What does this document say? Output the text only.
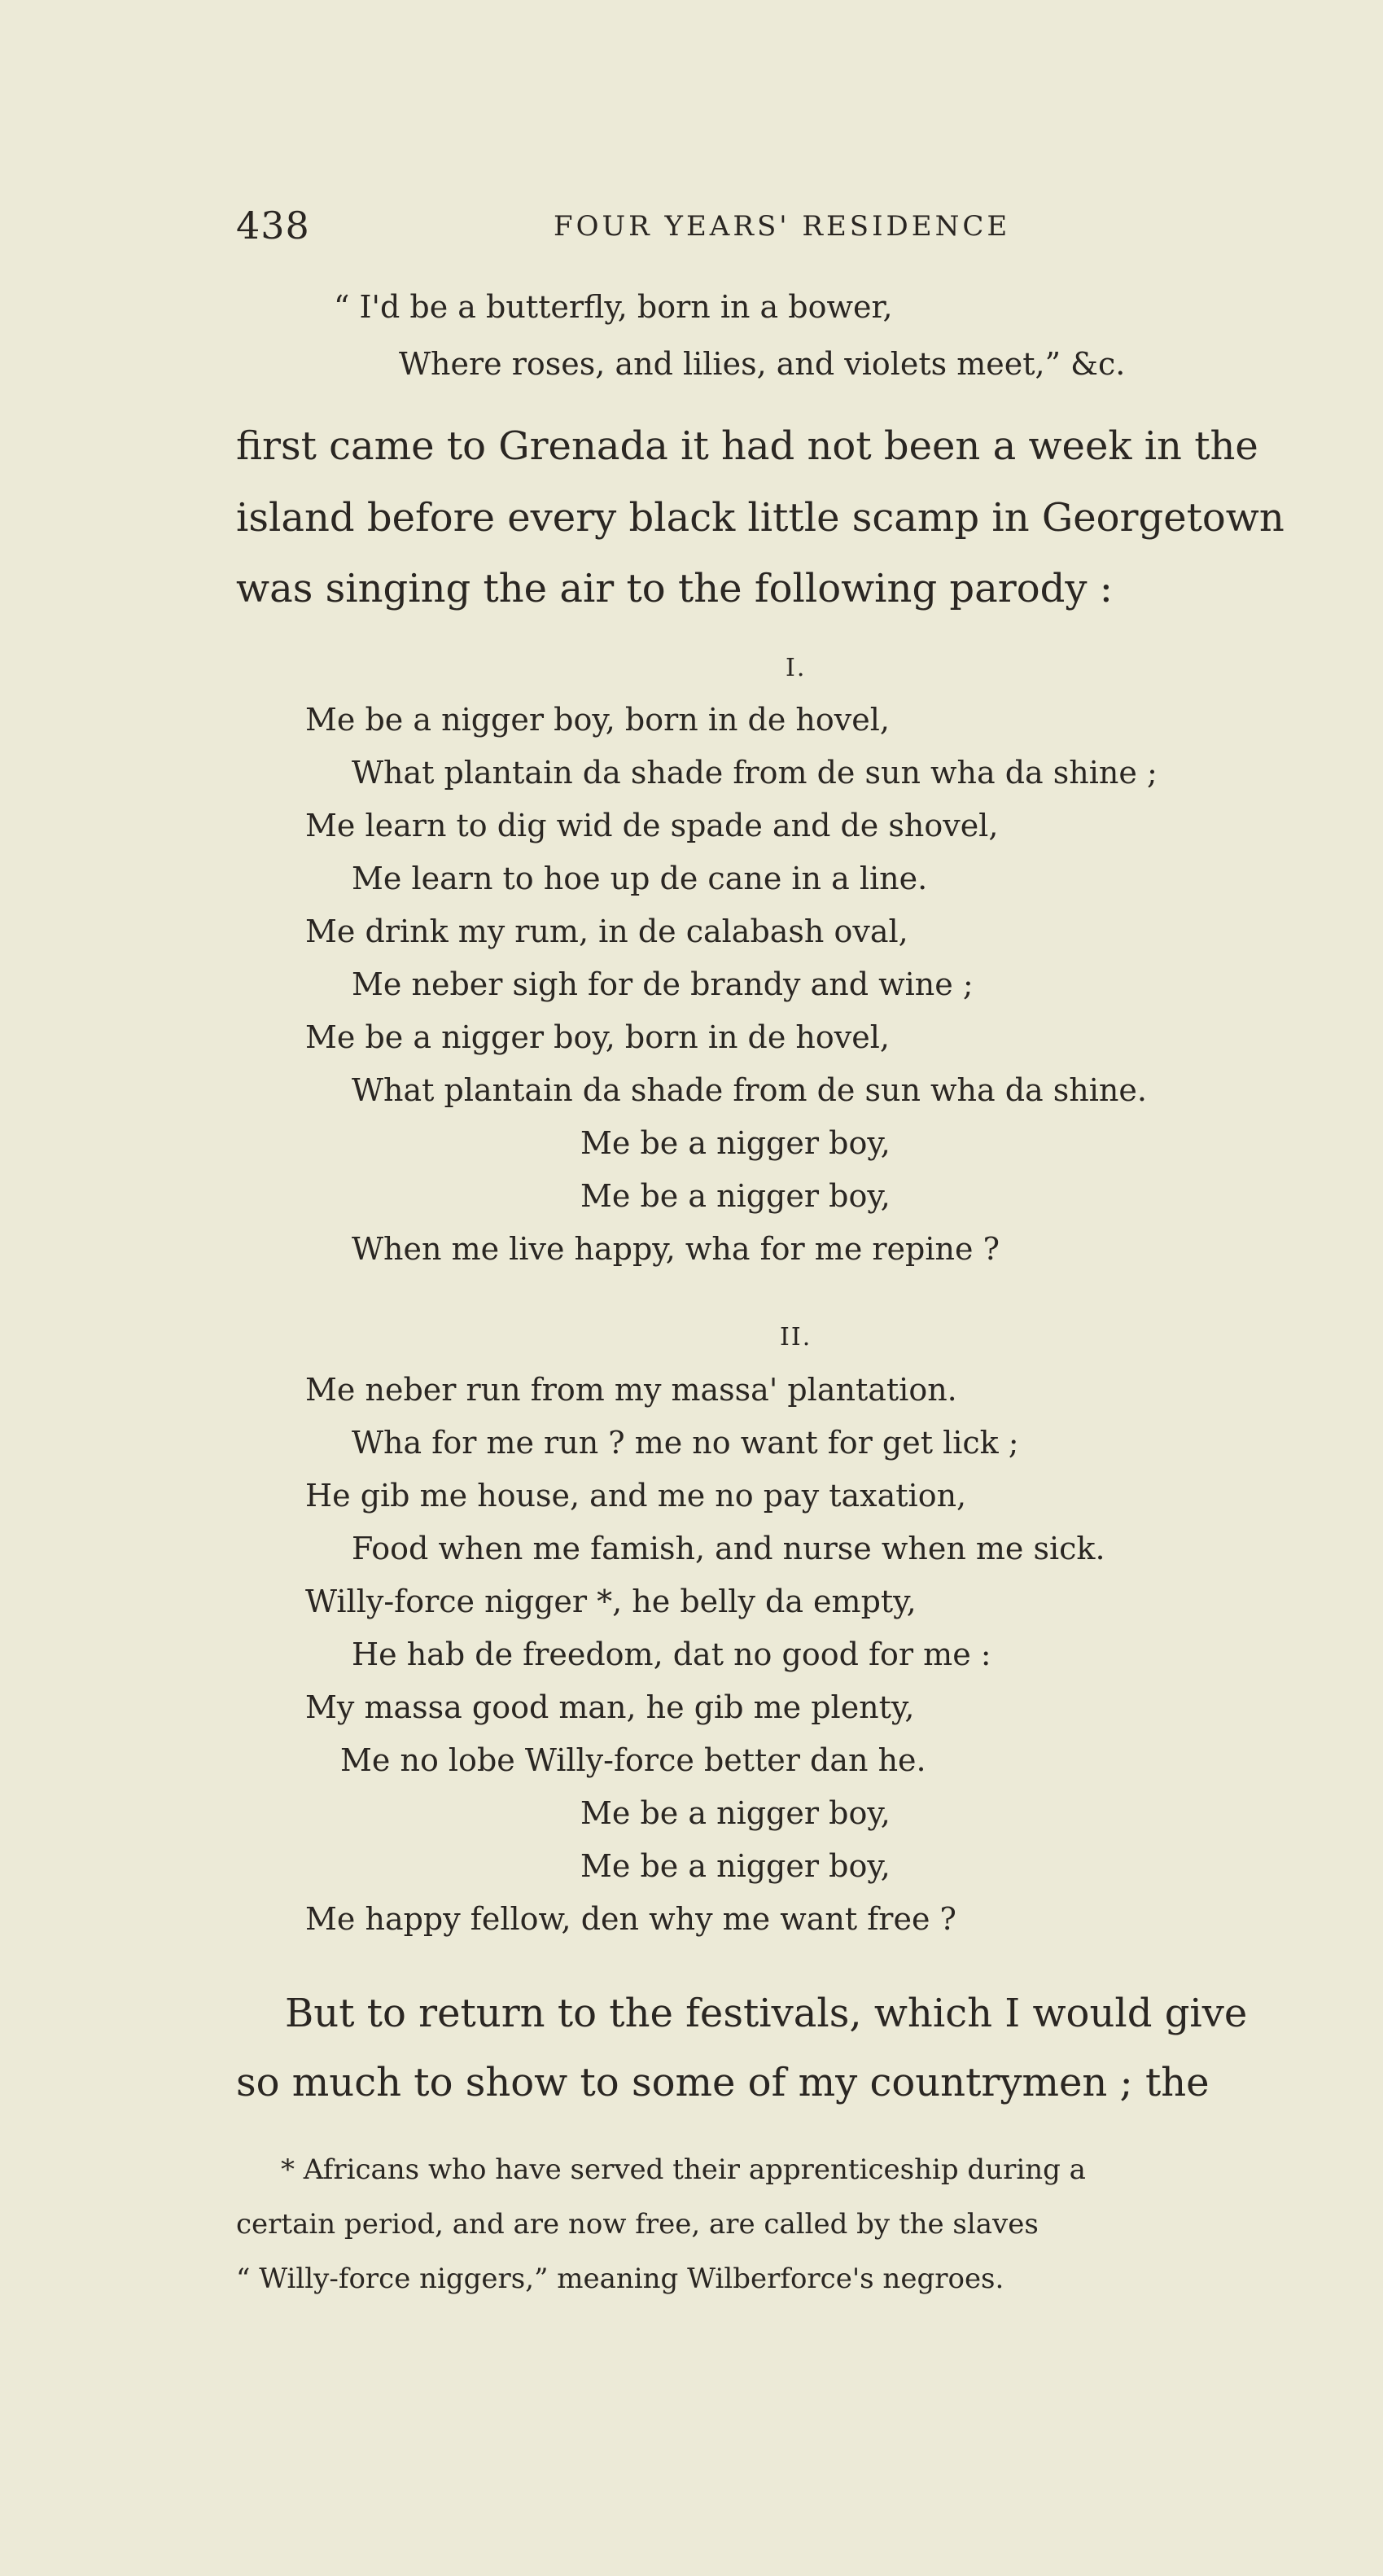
438	FOUR YEARS' RESIDENCE
“ I'd be a butterfly, born in a bower,
Where roses, and lilies, and violets meet,” &c.
first came to Grenada it had not been a week in the
island before every black little scamp in Georgetown
was singing the air to the following parody :
I.
Me be a nigger boy, born in de hovel,
What plantain da shade from de sun wha da shine ;
Me learn to dig wid de spade and de shovel,
Me learn to hoe up de cane in a line.
Me drink my rum, in de calabash oval,
Me neber sigh for de brandy and wine ;
Me be a nigger boy, born in de hovel,
What plantain da shade from de sun wha da shine.
Me be a nigger boy,
Me be a nigger boy,
When me live happy, wha for me repine ?
II.
Me neber run from my massa' plantation.
Wha for me run ? me no want for get lick ;
He gib me house, and me no pay taxation,
Food when me famish, and nurse when me sick.
Willy-force nigger *, he belly da empty,
He hab de freedom, dat no good for me :
My massa good man, he gib me plenty,
Me no lobe Willy-force better dan he.
Me be a nigger boy,
Me be a nigger boy,
Me happy fellow, den why me want free ?
But to return to the festivals, which I would give
so much to show to some of my countrymen ; the
* Africans who have served their apprenticeship during a
certain period, and are now free, are called by the slaves
“ Willy-force niggers,” meaning Wilberforce's negroes.
